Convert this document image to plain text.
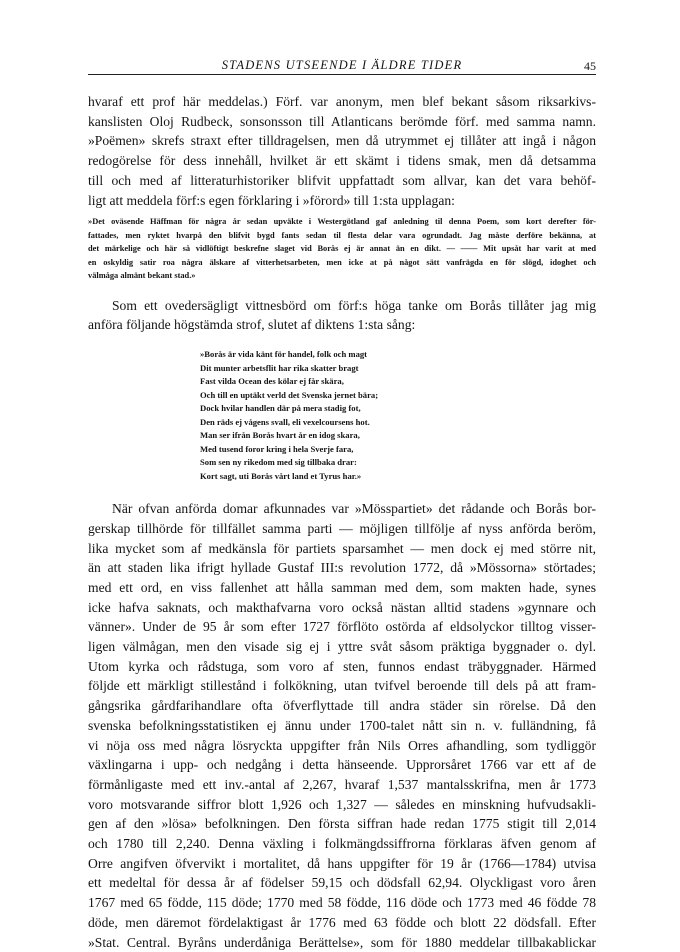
STADENS UTSEENDE I ÄLDRE TIDER	45

hvaraf ett prof här meddelas.) Förf. var anonym, men blef bekant såsom riksarkivs-
kanslisten Oloj Rudbeck, sonsonsson till Atlanticans berömde förf. med samma namn.
»Poëmen» skrefs straxt efter tilldragelsen, men då utrymmet ej tillåter att ingå i någon
redogörelse för dess innehåll, hvilket är ett skämt i tidens smak, men då detsamma
till och med af litteraturhistoriker blifvit uppfattadt som allvar, kan det vara behöf-
ligt att meddela förf:s egen förklaring i »förord» till 1:sta upplagan:

»Det oväsende Häffman för några år sedan upväkte i Westergötland gaf anledning til denna Poem, som kort derefter för-
fattades, men ryktet hvarpå den blifvit bygd fants sedan til flesta delar vara ogrundadt. Jag måste derföre bekänna, at
det märkelige och här så vidlöftigt beskrefne slaget vid Borås ej är annat än en dikt. — —— Mit upsåt har varit at med
en oskyldig satir roa några älskare af vitterhetsarbeten, men icke at på något sätt vanfrägda en för slögd, idoghet och
välmåga almänt bekant stad.»

Som ett ovedersägligt vittnesbörd om förf:s höga tanke om Borås tillåter jag mig
anföra följande högstämda strof, slutet af diktens 1:sta sång:

»Borås är vida känt för handel, folk och magt
Dit munter arbetsflit har rika skatter bragt
Fast vilda Ocean des kölar ej får skära,
Och till en uptäkt verld det Svenska jernet bära;
Dock hvilar handlen där på mera stadig fot,
Den räds ej vågens svall, eli vexelcoursens hot.
Man ser ifrån Borås hvart år en idog skara,
Med tusend foror kring i hela Sverje fara,
Som sen ny rikedom med sig tillbaka drar:
Kort sagt, uti Borås vårt land et Tyrus har.»

När ofvan anförda domar afkunnades var »Mösspartiet» det rådande och Borås bor-
gerskap tillhörde för tillfället samma parti — möjligen tillfölje af nyss anförda beröm,
lika mycket som af medkänsla för partiets sparsamhet — men dock ej med större nit,
än att staden lika ifrigt hyllade Gustaf III:s revolution 1772, då »Mössorna» störtades;
med ett ord, en viss fallenhet att hålla samman med dem, som makten hade, synes
icke hafva saknats, och makthafvarna voro också nästan alltid stadens »gynnare och
vänner». Under de 95 år som efter 1727 förflöto ostörda af eldsolyckor tilltog visser-
ligen välmågan, men den visade sig ej i yttre svåt såsom präktiga byggnader o. dyl.
Utom kyrka och rådstuga, som voro af sten, funnos endast träbyggnader. Härmed
följde ett märkligt stillestånd i folkökning, utan tvifvel beroende till dels på att fram-
gångsrika gårdfarihandlare ofta öfverflyttade till andra städer sin rörelse. Då den
svenska befolkningsstatistiken ej ännu under 1700-talet nått sin n. v. fulländning, få
vi nöja oss med några lösryckta uppgifter från Nils Orres afhandling, som tydliggör
växlingarna i upp- och nedgång i detta hänseende. Upprorsåret 1766 var ett af de
förmånligaste med ett inv.-antal af 2,267, hvaraf 1,537 mantalsskrifna, men år 1773
voro motsvarande siffror blott 1,926 och 1,327 — således en minskning hufvudsakli-
gen af den »lösa» befolkningen. Den första siffran hade redan 1775 stigit till 2,014
och 1780 till 2,240. Denna växling i folkmängdssiffrorna förklaras äfven genom af
Orre angifven öfvervikt i mortalitet, då hans uppgifter för 19 år (1766—1784) utvisa
ett medeltal för dessa år af födelser 59,15 och dödsfall 62,94. Olyckligast voro åren
1767 med 65 födde, 115 döde; 1770 med 58 födde, 116 döde och 1773 med 46 födde 78
döde, men däremot fördelaktigast år 1776 med 63 födde och blott 22 dödsfall. Efter
»Stat. Central. Byråns underdåniga Berättelse», som för 1880 meddelar tillbakablickar
